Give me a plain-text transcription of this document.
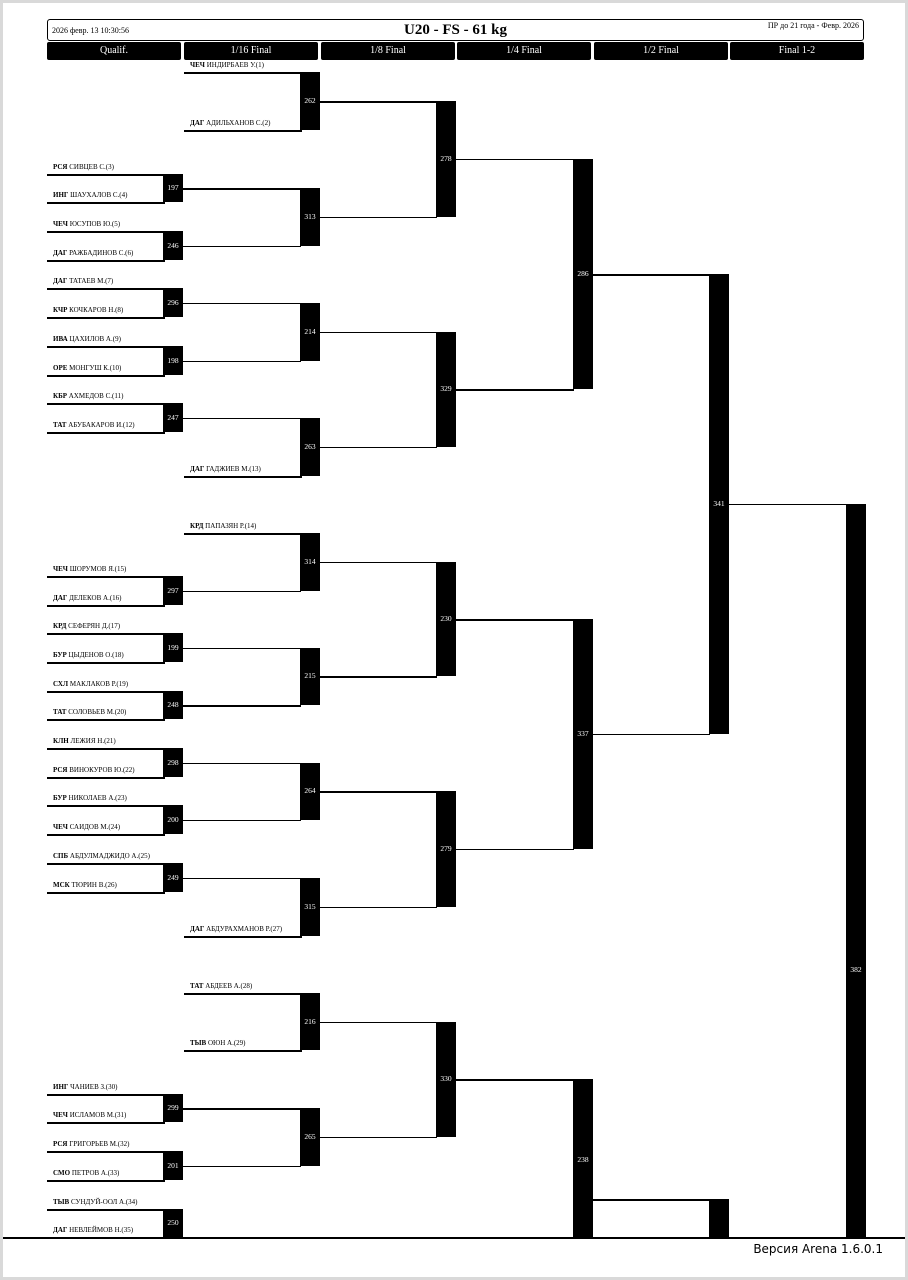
2026 февр. 13 10:30:56	U20 - FS - 61 kg	ПР до 21 года - Февр. 2026
Qualif.	1/16 Final	1/8 Final	1/4 Final	1/2 Final	Final 1-2
ЧЕЧ ИНДИРБАЕВ У.(1)
ДАГ АДИЛЬХАНОВ С.(2)
РСЯ СИВЦЕВ С.(3)
ИНГ ШАУХАЛОВ С.(4)
ЧЕЧ ЮСУПОВ Ю.(5)
ДАГ РАЖБАДИНОВ С.(6)
ДАГ ТАТАЕВ М.(7)
КЧР КОЧКАРОВ Н.(8)
ИВА ЦАХИЛОВ А.(9)
ОРЕ МОНГУШ К.(10)
КБР АХМЕДОВ С.(11)
ТАТ АБУБАКАРОВ И.(12)
ДАГ ГАДЖИЕВ М.(13)
КРД ПАПАЗЯН Р.(14)
ЧЕЧ ШОРУМОВ Я.(15)
ДАГ ДЕЛЕКОВ А.(16)
КРД СЕФЕРЯН Д.(17)
БУР ЦЫДЕНОВ О.(18)
СХЛ МАКЛАКОВ Р.(19)
ТАТ СОЛОВЬЕВ М.(20)
КЛН ЛЕЖИЯ Н.(21)
РСЯ ВИНОКУРОВ Ю.(22)
БУР НИКОЛАЕВ А.(23)
ЧЕЧ САИДОВ М.(24)
СПБ АБДУЛМАДЖИДО А.(25)
МСК ТЮРИН В.(26)
ДАГ АБДУРАХМАНОВ Р.(27)
ТАТ АБДЕЕВ А.(28)
ТЫВ ОЮН А.(29)
ИНГ ЧАНИЕВ З.(30)
ЧЕЧ ИСЛАМОВ М.(31)
РСЯ ГРИГОРЬЕВ М.(32)
СМО ПЕТРОВ А.(33)
ТЫВ СУНДУЙ-ООЛ А.(34)
ДАГ НЕВЛЕЙМОВ Н.(35)
197
246
296
198
247
297
199
248
298
200
249
299
201
250
262
313
214
263
314
215
264
315
216
265
278
329
230
279
330
286
337
238
341
382
Версия Arena 1.6.0.1
